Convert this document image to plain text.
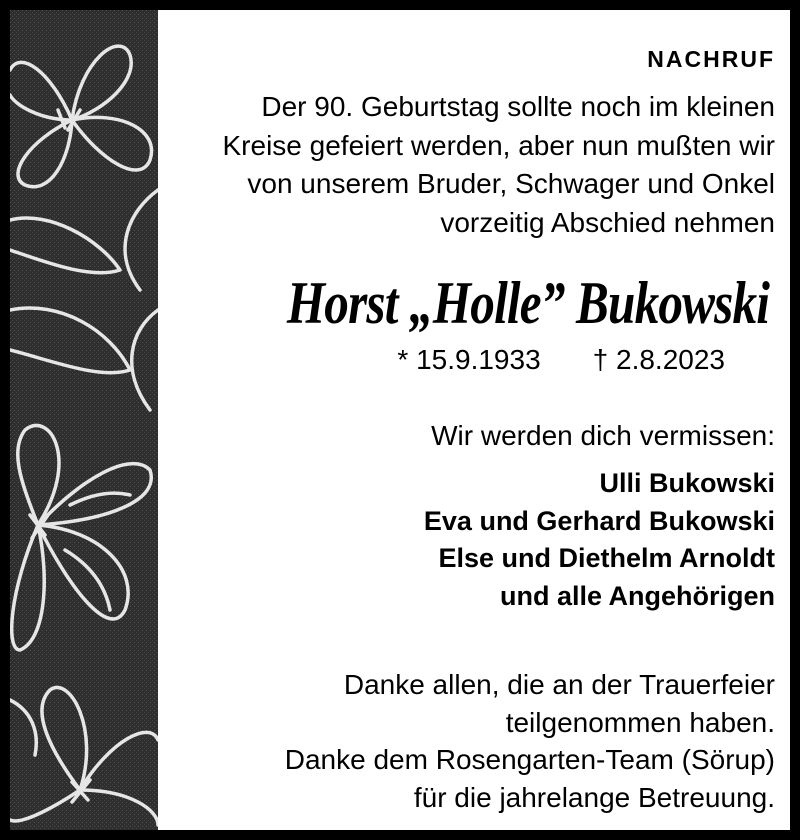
NACHRUF
Der 90. Geburtstag sollte noch im kleinen
Kreise gefeiert werden, aber nun mußten wir
von unserem Bruder, Schwager und Onkel
vorzeitig Abschied nehmen
Horst „Holle” Bukowski
* 15.9.1933 † 2.8.2023
Wir werden dich vermissen:
Ulli Bukowski
Eva und Gerhard Bukowski
Else und Diethelm Arnoldt
und alle Angehörigen
Danke allen, die an der Trauerfeier
teilgenommen haben.
Danke dem Rosengarten-Team (Sörup)
für die jahrelange Betreuung.
